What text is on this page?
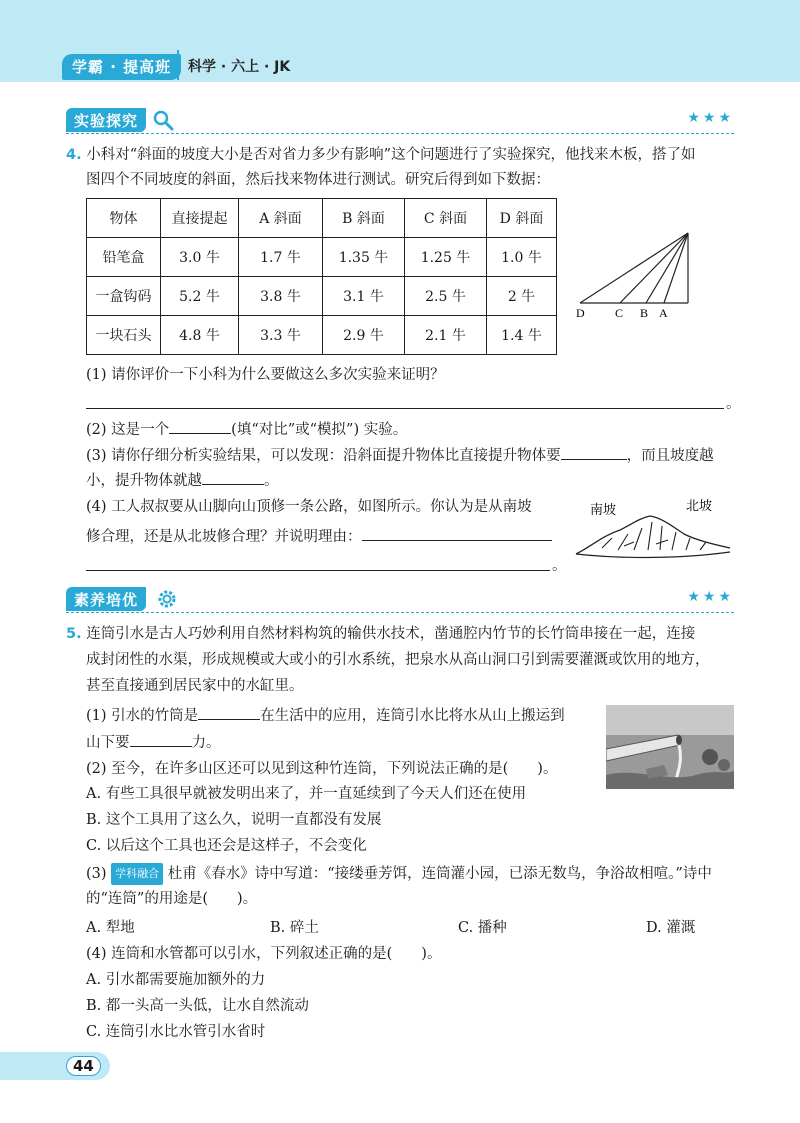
学霸 · 提高班	科学 · 六上 · JK
实验探究	★★★
4. 小科对“斜面的坡度大小是否对省力多少有影响”这个问题进行了实验探究，他找来木板，搭了如
图四个不同坡度的斜面，然后找来物体进行测试。研究后得到如下数据：
物体	直接提起	A 斜面	B 斜面	C 斜面	D 斜面
铅笔盒	3.0 牛	1.7 牛	1.35 牛	1.25 牛	1.0 牛
一盒钩码	5.2 牛	3.8 牛	3.1 牛	2.5 牛	2 牛
一块石头	4.8 牛	3.3 牛	2.9 牛	2.1 牛	1.4 牛
D	C B A
(1) 请你评价一下小科为什么要做这么多次实验来证明？
。
(2) 这是一个	(填“对比”或“模拟”) 实验。
(3) 请你仔细分析实验结果，可以发现：沿斜面提升物体比直接提升物体要	，而且坡度越
小，提升物体就越	。
(4) 工人叔叔要从山脚向山顶修一条公路，如图所示。你认为是从南坡
修合理，还是从北坡修合理？并说明理由：
。
南坡	北坡
素养培优	★★★
5. 连筒引水是古人巧妙利用自然材料构筑的输供水技术，凿通腔内竹节的长竹筒串接在一起，连接
成封闭性的水渠，形成规模或大或小的引水系统，把泉水从高山洞口引到需要灌溉或饮用的地方，
甚至直接通到居民家中的水缸里。
(1) 引水的竹筒是	在生活中的应用，连筒引水比将水从山上搬运到
山下要	力。
(2) 至今，在许多山区还可以见到这种竹连筒，下列说法正确的是(　　)。
A. 有些工具很早就被发明出来了，并一直延续到了今天人们还在使用
B. 这个工具用了这么久，说明一直都没有发展
C. 以后这个工具也还会是这样子，不会变化
(3) 学科融合 杜甫《春水》诗中写道：“接缕垂芳饵，连筒灌小园，已添无数鸟，争浴故相喧。”诗中
的“连筒”的用途是(　　)。
A. 犁地	B. 碎土	C. 播种	D. 灌溉
(4) 连筒和水管都可以引水，下列叙述正确的是(　　)。
A. 引水都需要施加额外的力
B. 都一头高一头低，让水自然流动
C. 连筒引水比水管引水省时
44
